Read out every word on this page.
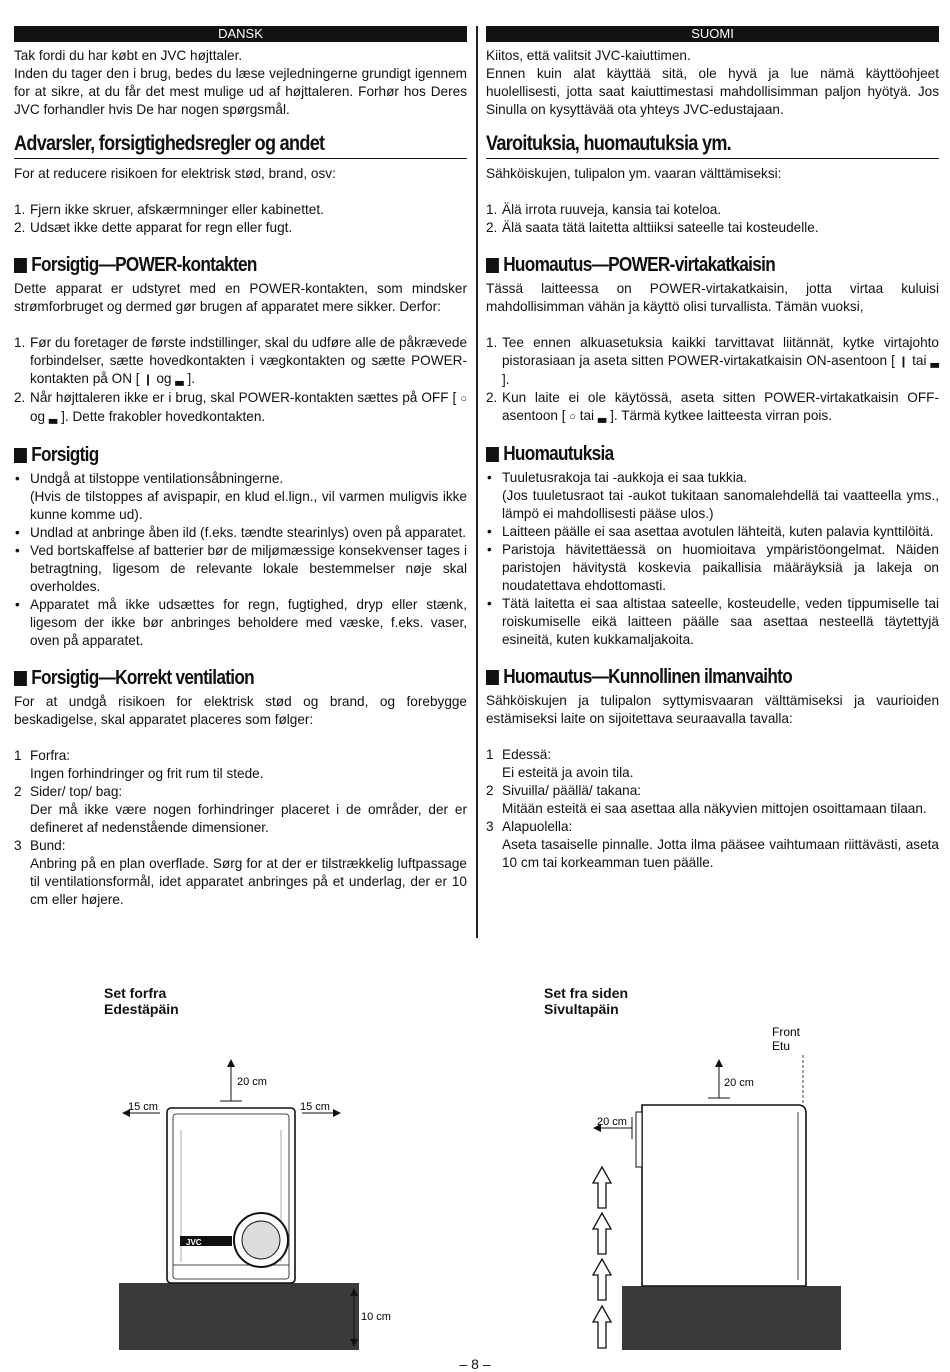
DANSK

Tak fordi du har købt en JVC højttaler.

Inden du tager den i brug, bedes du læse vejledningerne grundigt igennem for at sikre, at du får det mest mulige ud af højttaleren. Forhør hos Deres JVC forhandler hvis De har nogen spørgsmål.

Advarsler, forsigtighedsregler og andet

For at reducere risikoen for elektrisk stød, brand, osv:

1. Fjern ikke skruer, afskærmninger eller kabinettet.
2. Udsæt ikke dette apparat for regn eller fugt.
Forsigtig—POWER-kontakten

Dette apparat er udstyret med en POWER-kontakten, som mindsker strømforbruget og dermed gør brugen af apparatet mere sikker. Derfor:

1. Før du foretager de første indstillinger, skal du udføre alle de påkrævede forbindelser, sætte hovedkontakten i vægkontakten og sætte POWER-kontakten på ON [ ❙ og ▃ ].
2. Når højttaleren ikke er i brug, skal POWER-kontakten sættes på OFF [ ○ og ▃ ]. Dette frakobler hovedkontakten.
Forsigtig
• Undgå at tilstoppe ventilationsåbningerne.
(Hvis de tilstoppes af avispapir, en klud el.lign., vil varmen muligvis ikke kunne komme ud).
• Undlad at anbringe åben ild (f.eks. tændte stearinlys) oven på apparatet.
• Ved bortskaffelse af batterier bør de miljømæssige konsekvenser tages i betragtning, ligesom de relevante lokale bestemmelser nøje skal overholdes.
• Apparatet må ikke udsættes for regn, fugtighed, dryp eller stænk, ligesom der ikke bør anbringes beholdere med væske, f.eks. vaser, oven på apparatet.
Forsigtig—Korrekt ventilation

For at undgå risikoen for elektrisk stød og brand, og forebygge beskadigelse, skal apparatet placeres som følger:

1 Forfra:
Ingen forhindringer og frit rum til stede.
2 Sider/ top/ bag:
Der må ikke være nogen forhindringer placeret i de områder, der er defineret af nedenstående dimensioner.
3 Bund:
Anbring på en plan overflade. Sørg for at der er tilstrækkelig luftpassage til ventilationsformål, idet apparatet anbringes på et underlag, der er 10 cm eller højere.
SUOMI

Kiitos, että valitsit JVC-kaiuttimen.

Ennen kuin alat käyttää sitä, ole hyvä ja lue nämä käyttöohjeet huolellisesti, jotta saat kaiuttimestasi mahdollisimman paljon hyötyä. Jos Sinulla on kysyttävää ota yhteys JVC-edustajaan.

Varoituksia, huomautuksia ym.

Sähköiskujen, tulipalon ym. vaaran välttämiseksi:

1. Älä irrota ruuveja, kansia tai koteloa.
2. Älä saata tätä laitetta alttiiksi sateelle tai kosteudelle.
Huomautus—POWER-virtakatkaisin

Tässä laitteessa on POWER-virtakatkaisin, jotta virtaa kuluisi mahdollisimman vähän ja käyttö olisi turvallista. Tämän vuoksi,

1. Tee ennen alkuasetuksia kaikki tarvittavat liitännät, kytke virtajohto pistorasiaan ja aseta sitten POWER-virtakatkaisin ON-asentoon [ ❙ tai ▃ ].
2. Kun laite ei ole käytössä, aseta sitten POWER-virtakatkaisin OFF-asentoon [ ○ tai ▃ ]. Tärmä kytkee laitteesta virran pois.
Huomautuksia
• Tuuletusrakoja tai -aukkoja ei saa tukkia.
(Jos tuuletusraot tai -aukot tukitaan sanomalehdellä tai vaatteella yms., lämpö ei mahdollisesti pääse ulos.)
• Laitteen päälle ei saa asettaa avotulen lähteitä, kuten palavia kynttilöitä.
• Paristoja hävitettäessä on huomioitava ympäristöongelmat. Näiden paristojen hävitystä koskevia paikallisia määräyksiä ja lakeja on noudatettava ehdottomasti.
• Tätä laitetta ei saa altistaa sateelle, kosteudelle, veden tippumiselle tai roiskumiselle eikä laitteen päälle saa asettaa nesteellä täytettyjä esineitä, kuten kukkamaljakoita.
Huomautus—Kunnollinen ilmanvaihto

Sähköiskujen ja tulipalon syttymisvaaran välttämiseksi ja vaurioiden estämiseksi laite on sijoitettava seuraavalla tavalla:

1 Edessä:
Ei esteitä ja avoin tila.
2 Sivuilla/ päällä/ takana:
Mitään esteitä ei saa asettaa alla näkyvien mittojen osoittamaan tilaan.
3 Alapuolella:
Aseta tasaiselle pinnalle. Jotta ilma pääsee vaihtumaan riittävästi, aseta 10 cm tai korkeamman tuen päälle.
Set forfra
Edestäpäin
Set fra siden
Sivultapäin
JVC
20 cm
15 cm	15 cm
10 cm
Front
Etu
20 cm
20 cm
– 8 –
